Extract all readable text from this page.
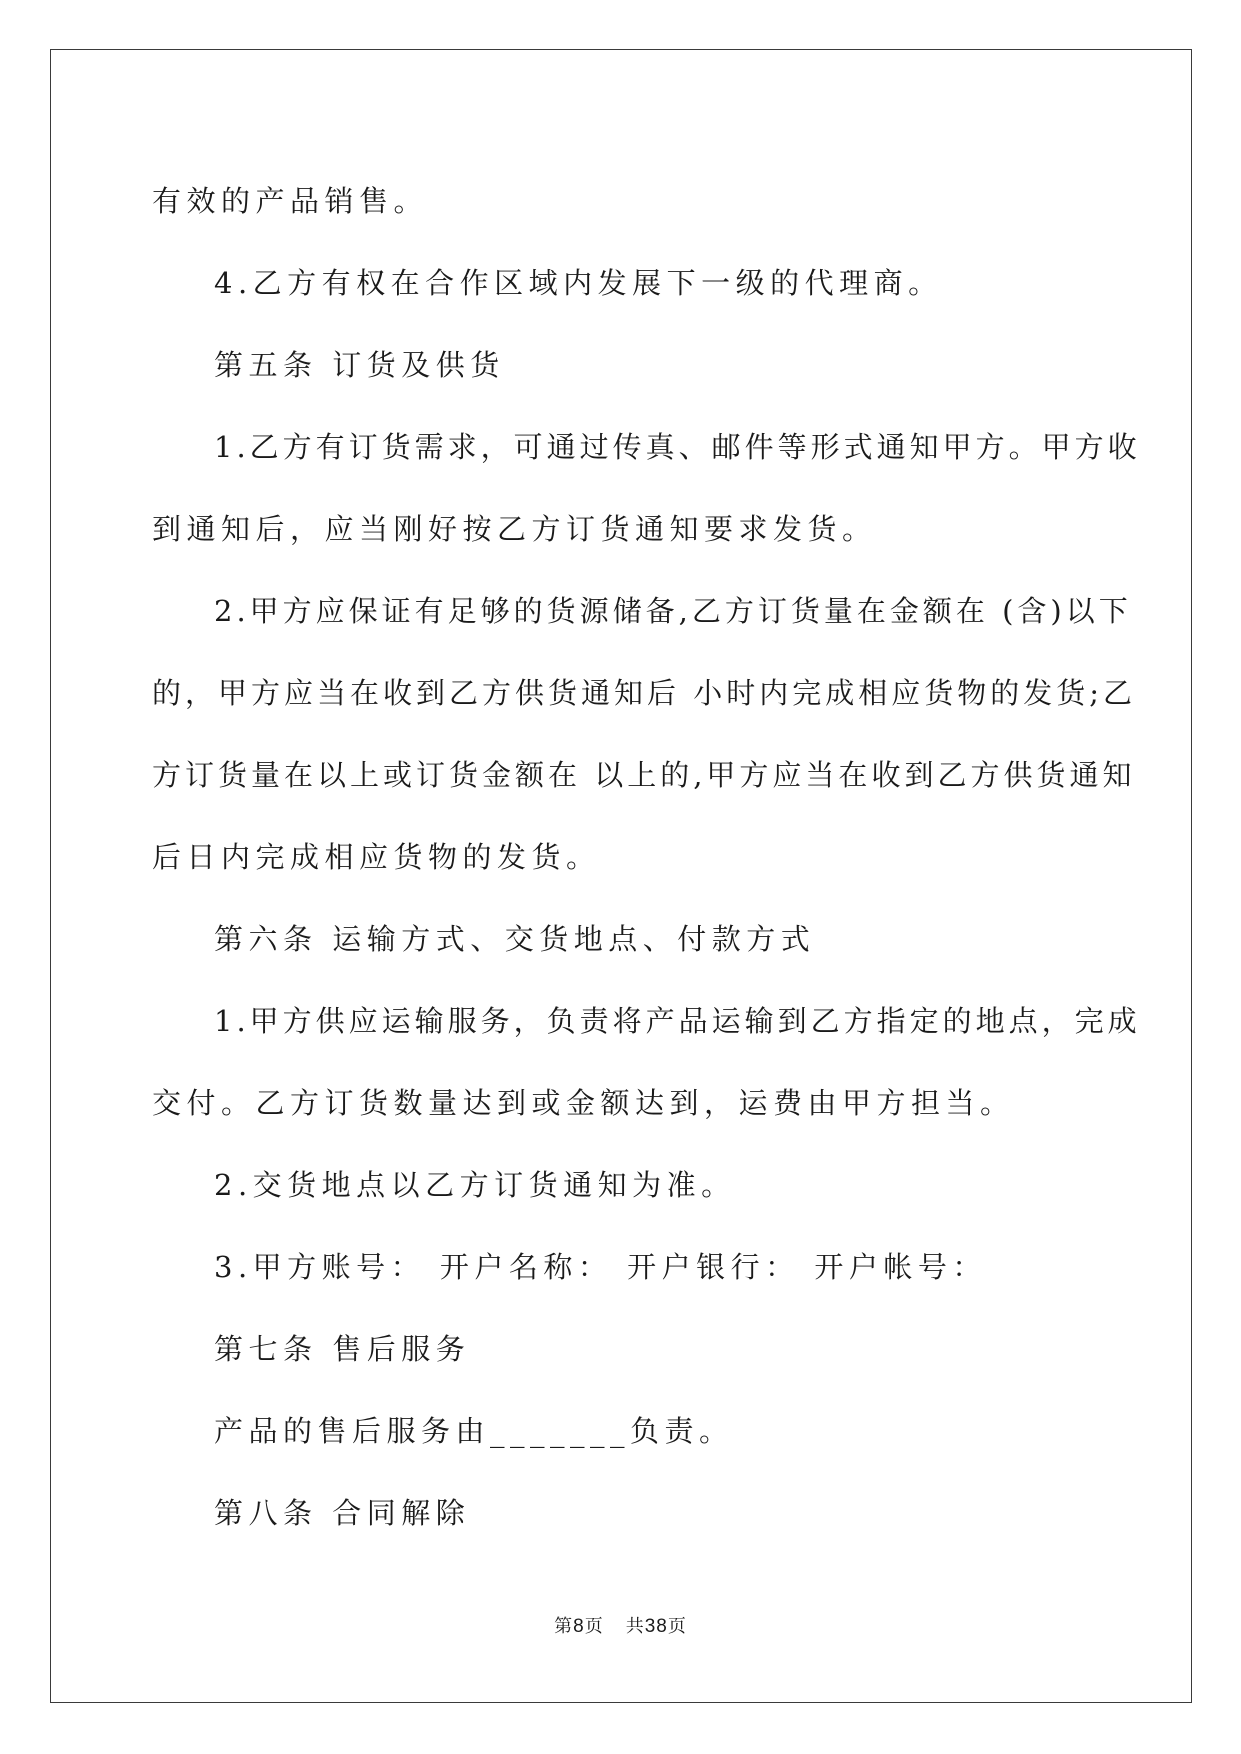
有效的产品销售。

4.乙方有权在合作区域内发展下一级的代理商。

第五条 订货及供货

1.乙方有订货需求，可通过传真、邮件等形式通知甲方。甲方收

到通知后，应当刚好按乙方订货通知要求发货。

2.甲方应保证有足够的货源储备,乙方订货量在金额在 (含)以下

的，甲方应当在收到乙方供货通知后 小时内完成相应货物的发货;乙

方订货量在以上或订货金额在 以上的,甲方应当在收到乙方供货通知

后日内完成相应货物的发货。

第六条 运输方式、交货地点、付款方式

1.甲方供应运输服务，负责将产品运输到乙方指定的地点，完成

交付。乙方订货数量达到或金额达到，运费由甲方担当。

2.交货地点以乙方订货通知为准。

3.甲方账号： 开户名称： 开户银行： 开户帐号：

第七条 售后服务

产品的售后服务由_______负责。

第八条 合同解除

第8页 共38页
